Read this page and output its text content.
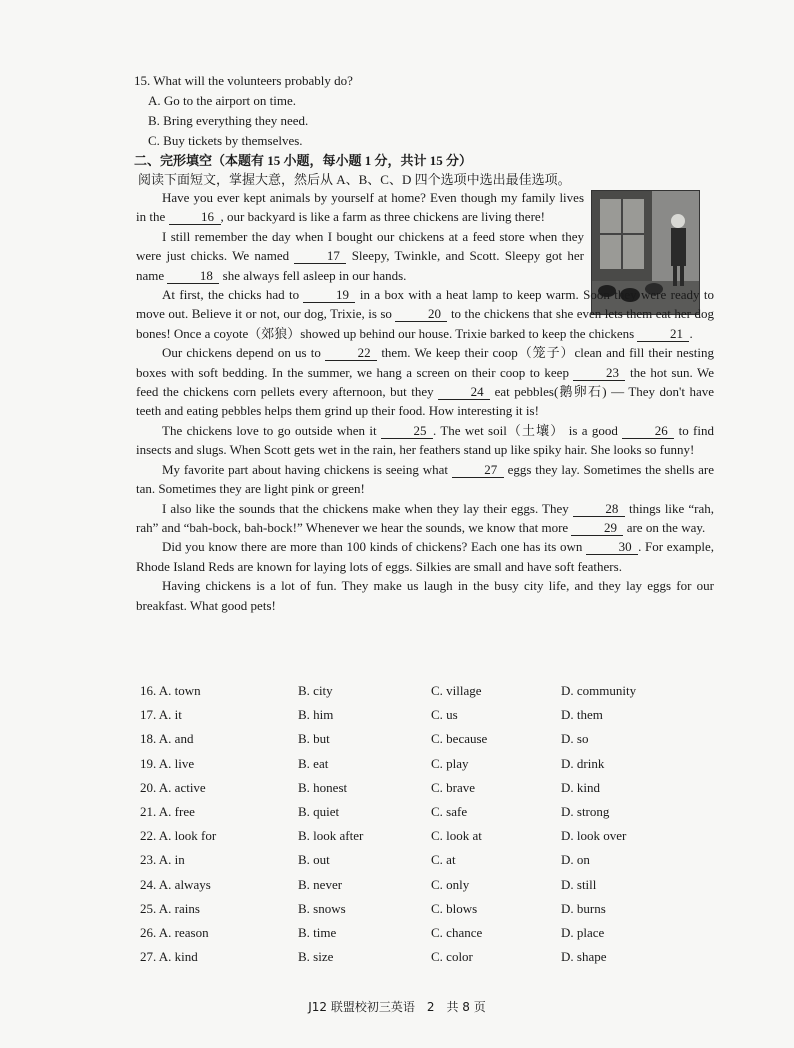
15. What will the volunteers probably do?
A. Go to the airport on time.
B. Bring everything they need.
C. Buy tickets by themselves.
二、完形填空（本题有 15 小题，每小题 1 分，共计 15 分）
阅读下面短文，掌握大意，然后从 A、B、C、D 四个选项中选出最佳选项。

Have you ever kept animals by yourself at home? Even though my family lives in the	16 , our backyard is like a farm as three chickens are living there!

I still remember the day when I bought our chickens at a feed store when they were just chicks. We named	17 Sleepy, Twinkle, and Scott. Sleepy got her name	18 she always fell asleep in our hands.

At first, the chicks had to	19 in a box with a heat lamp to keep warm. Soon they were ready to move out. Believe it or not, our dog, Trixie, is so	20 to the chickens that she even lets them eat her dog bones! Once a coyote（郊狼）showed up behind our house. Trixie barked to keep the chickens	21 .

Our chickens depend on us to	22 them. We keep their coop（笼子）clean and fill their nesting boxes with soft bedding. In the summer, we hang a screen on their coop to keep	23 the hot sun. We feed the chickens corn pellets every afternoon, but they	24 eat pebbles(鹅卵石) — They don't have teeth and eating pebbles helps them grind up their food. How interesting it is!

The chickens love to go outside when it	25 . The wet soil（土壤） is a good	26 to find insects and slugs. When Scott gets wet in the rain, her feathers stand up like spiky hair. She looks so funny!

My favorite part about having chickens is seeing what	27 eggs they lay. Sometimes the shells are tan. Sometimes they are light pink or green!

I also like the sounds that the chickens make when they lay their eggs. They	28 things like “rah, rah” and “bah-bock, bah-bock!” Whenever we hear the sounds, we know that more	29 are on the way.

Did you know there are more than 100 kinds of chickens? Each one has its own	30 . For example, Rhode Island Reds are known for laying lots of eggs. Silkies are small and have soft feathers.

Having chickens is a lot of fun. They make us laugh in the busy city life, and they lay eggs for our breakfast. What good pets!

16. A. town	B. city	C. village	D. community
17. A. it	B. him	C. us	D. them
18. A. and	B. but	C. because	D. so
19. A. live	B. eat	C. play	D. drink
20. A. active	B. honest	C. brave	D. kind
21. A. free	B. quiet	C. safe	D. strong
22. A. look for	B. look after	C. look at	D. look over
23. A. in	B. out	C. at	D. on
24. A. always	B. never	C. only	D. still
25. A. rains	B. snows	C. blows	D. burns
26. A. reason	B. time	C. chance	D. place
27. A. kind	B. size	C. color	D. shape
J12 联盟校初三英语　2　共 8 页
